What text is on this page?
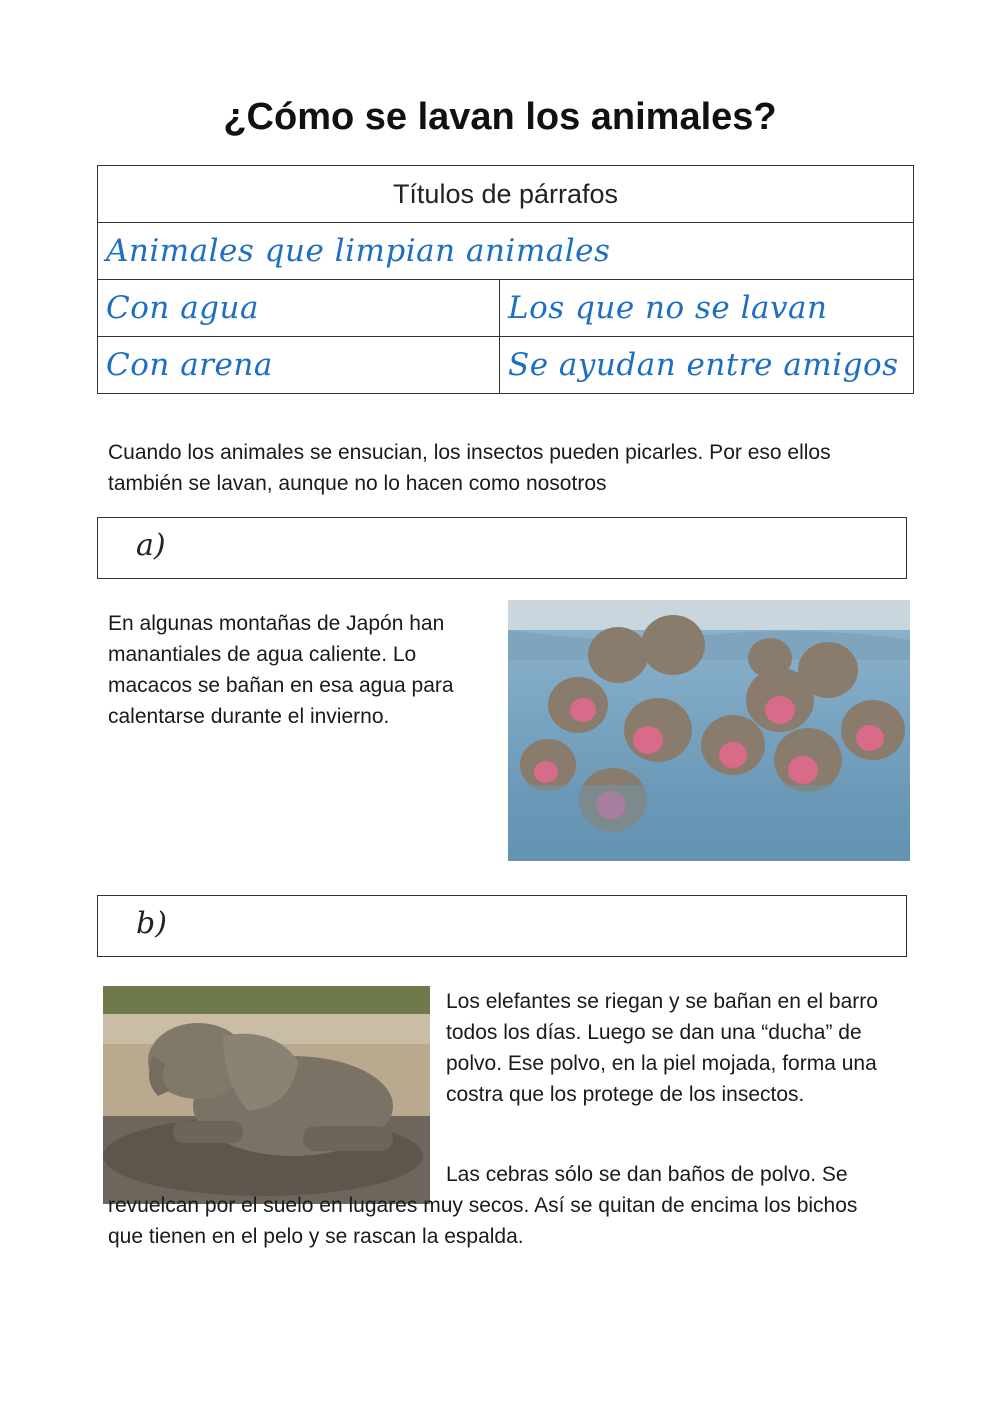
¿Cómo se lavan los animales?
Títulos de párrafos	
Animales que limpian animales	
Con agua	Los que no se lavan
Con arena	Se ayudan entre amigos
Cuando los animales se ensucian, los insectos pueden picarles. Por eso ellos también se lavan, aunque no lo hacen como nosotros
a)
En algunas montañas de Japón han manantiales de agua caliente. Lo macacos se bañan en esa agua para calentarse durante el invierno.
b)
Los elefantes se riegan y se bañan en el barro todos los días. Luego se dan una “ducha” de polvo. Ese polvo, en la piel mojada, forma una costra que los protege de los insectos.
Las cebras sólo se dan baños de polvo. Se revuelcan por el suelo en lugares muy secos. Así se quitan de encima los bichos que tienen en el pelo y se rascan la espalda.
